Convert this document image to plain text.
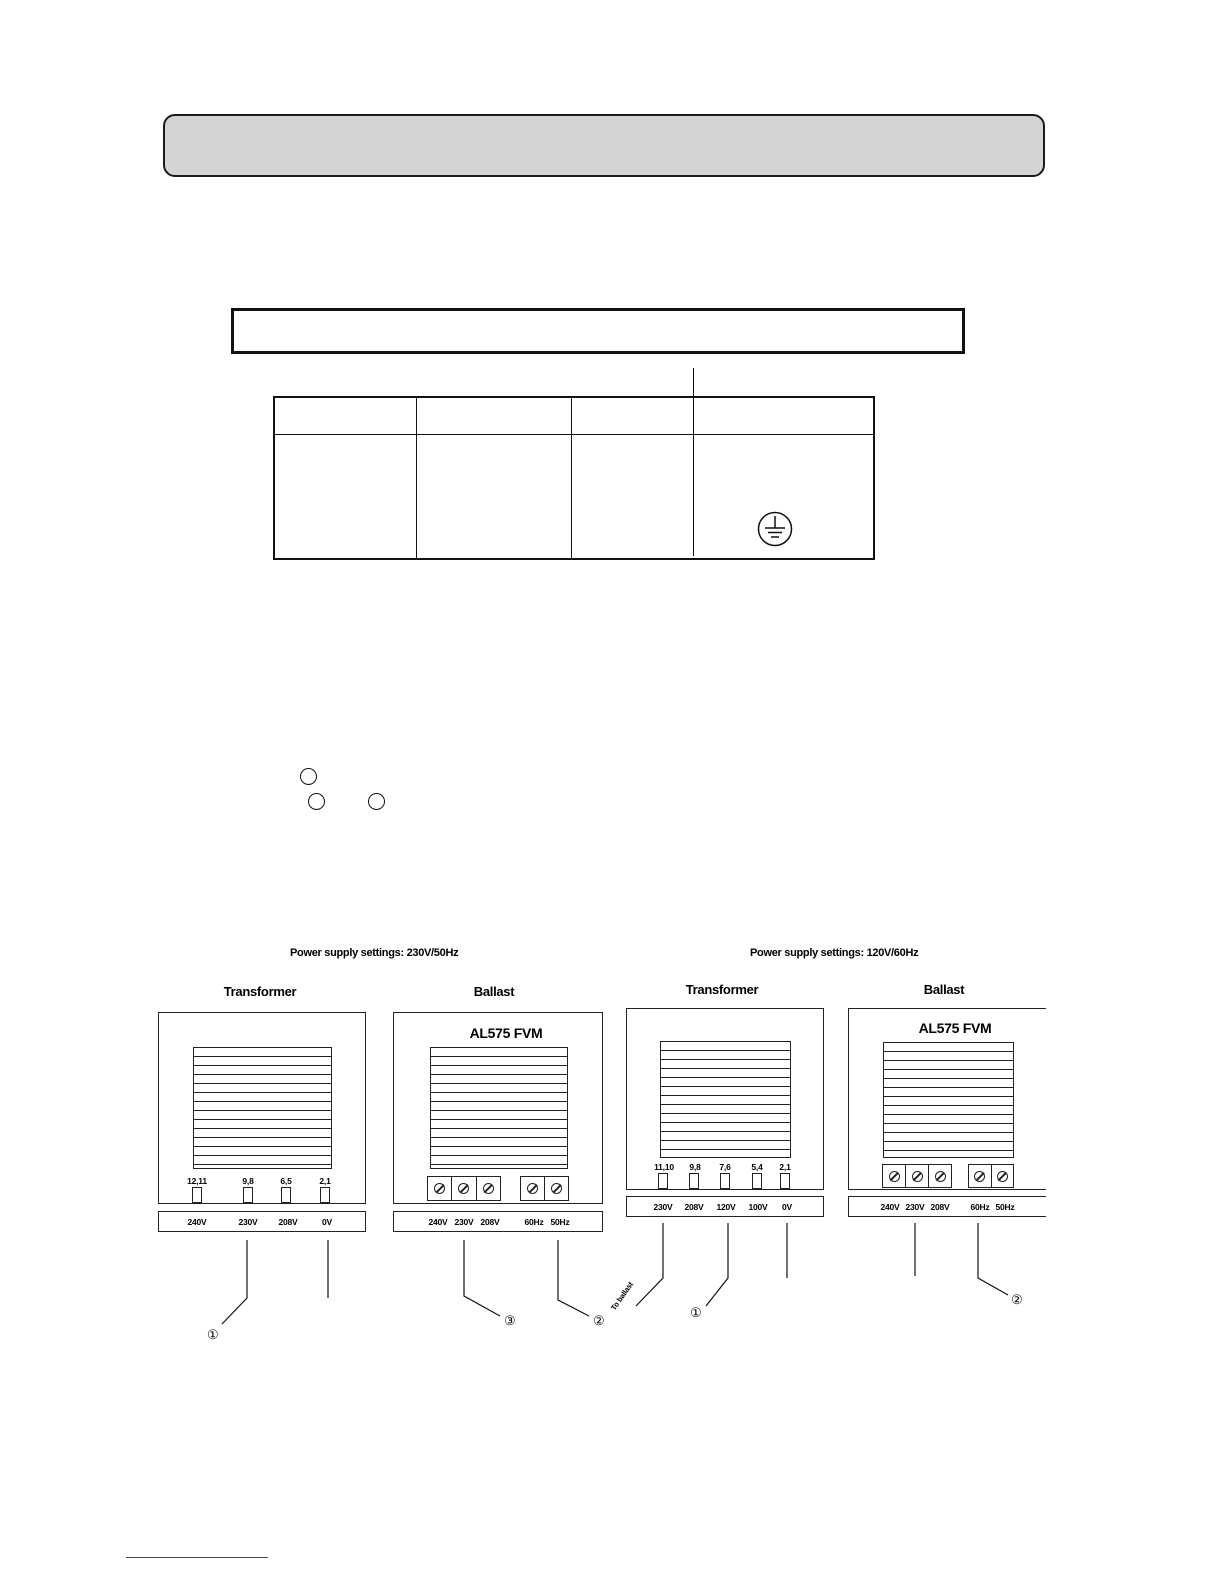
Power supply settings: 230V/50Hz	Power supply settings: 120V/60Hz
Transformer
12,11	9,8	6,5	2,1
240V	230V	208V	0V
Ballast
AL575 FVM
240V 230V 208V	60Hz 50Hz
Transformer
11,10	9,8	7,6	5,4	2,1
230V	208V	120V	100V	0V
Ballast
AL575 FVM
240V 230V 208V	60Hz 50Hz
①
③	②
①
②
To ballast
